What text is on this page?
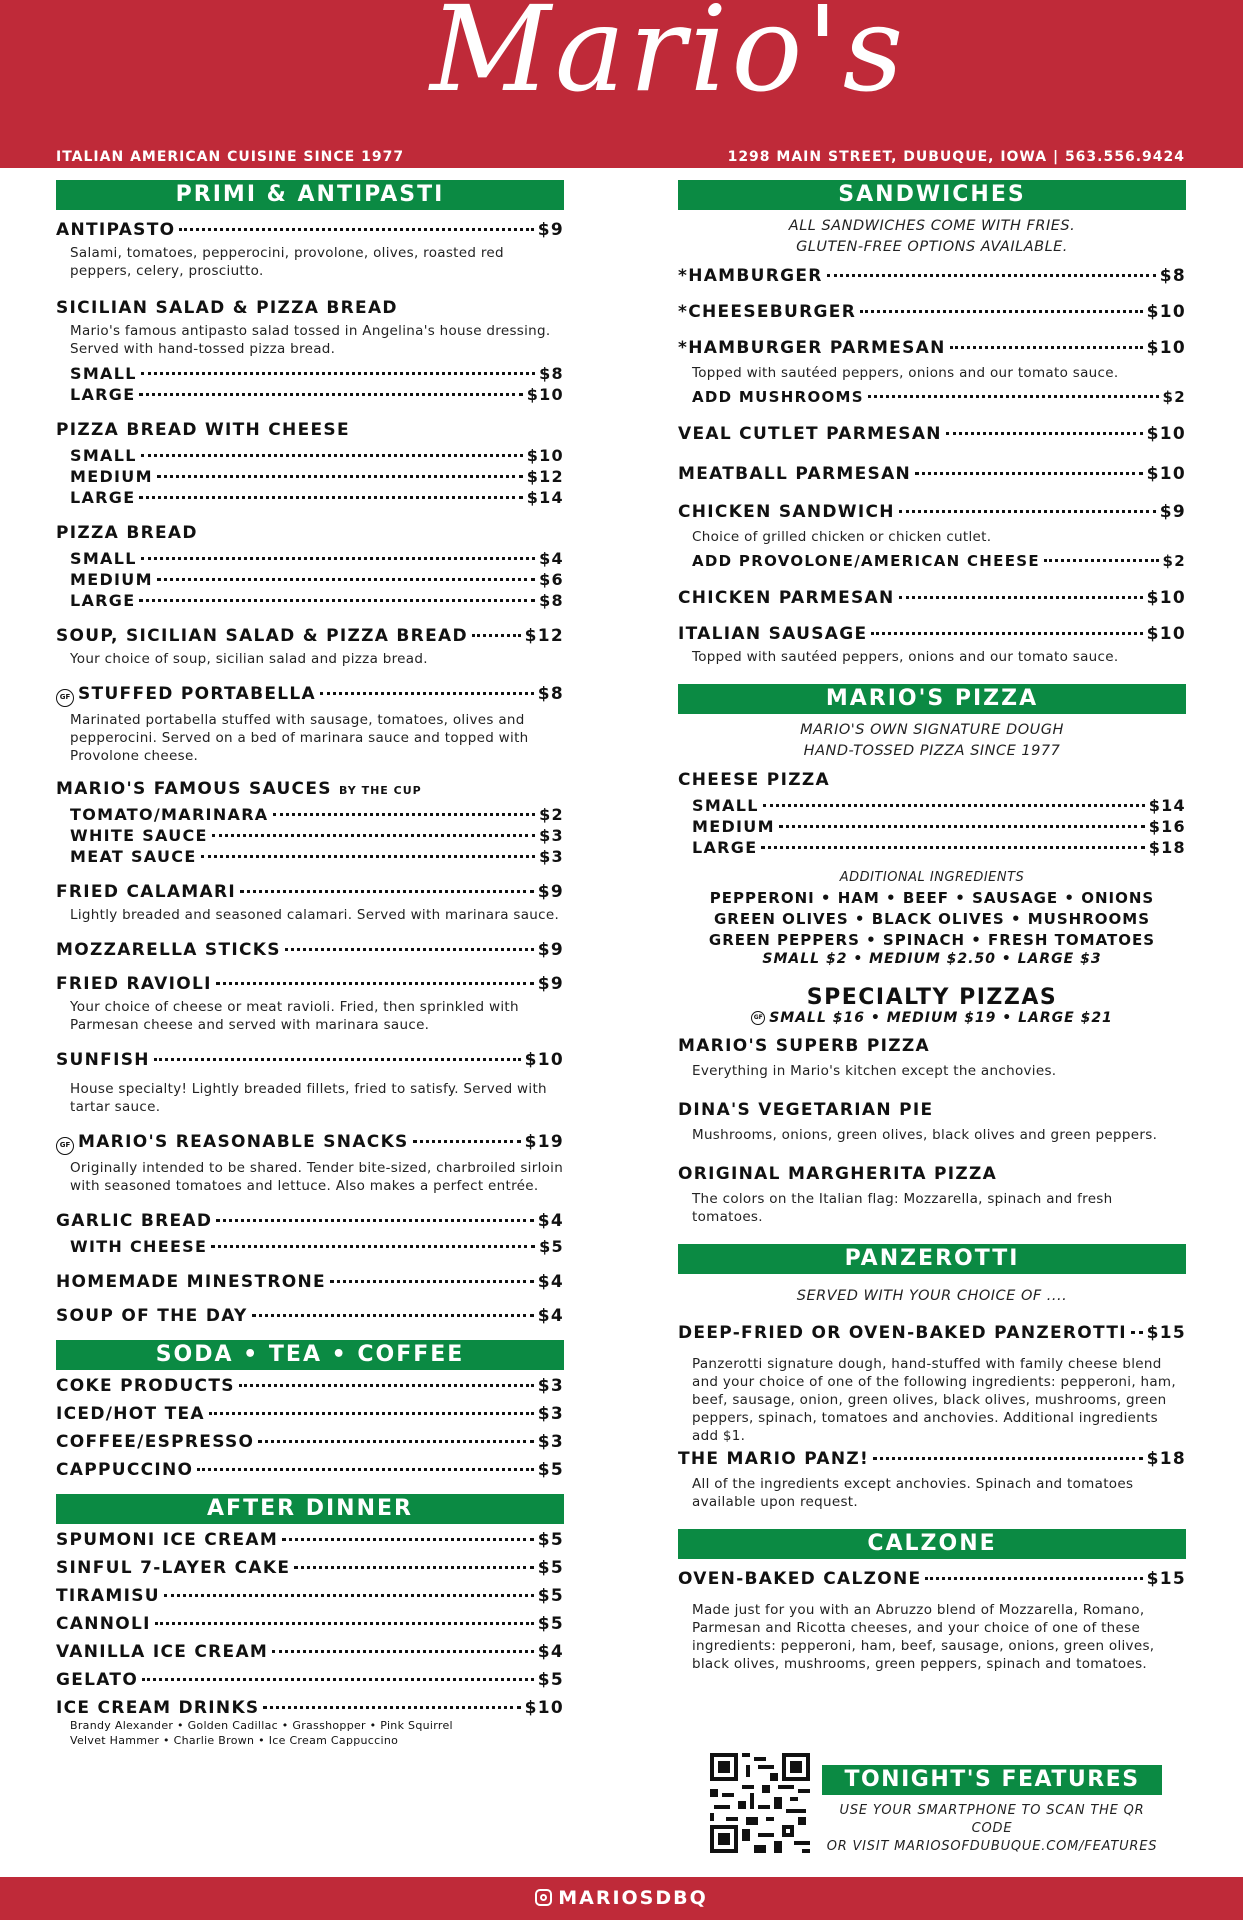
Mario's
ITALIAN AMERICAN CUISINE SINCE 1977	1298 MAIN STREET, DUBUQUE, IOWA | 563.556.9424
PRIMI & ANTIPASTI
ANTIPASTO	$9
Salami, tomatoes, pepperocini, provolone, olives, roasted red peppers, celery, prosciutto.
SICILIAN SALAD & PIZZA BREAD
Mario's famous antipasto salad tossed in Angelina's house dressing. Served with hand-tossed pizza bread.
SMALL	$8
LARGE	$10
PIZZA BREAD WITH CHEESE
SMALL	$10
MEDIUM	$12
LARGE	$14
PIZZA BREAD
SMALL	$4
MEDIUM	$6
LARGE	$8
SOUP, SICILIAN SALAD & PIZZA BREAD	$12
Your choice of soup, sicilian salad and pizza bread.
GF STUFFED PORTABELLA	$8
Marinated portabella stuffed with sausage, tomatoes, olives and pepperocini. Served on a bed of marinara sauce and topped with Provolone cheese.
MARIO'S FAMOUS SAUCES BY THE CUP
TOMATO/MARINARA	$2
WHITE SAUCE	$3
MEAT SAUCE	$3
FRIED CALAMARI	$9
Lightly breaded and seasoned calamari. Served with marinara sauce.
MOZZARELLA STICKS	$9
FRIED RAVIOLI	$9
Your choice of cheese or meat ravioli. Fried, then sprinkled with Parmesan cheese and served with marinara sauce.
SUNFISH	$10
House specialty! Lightly breaded fillets, fried to satisfy. Served with tartar sauce.
GF MARIO'S REASONABLE SNACKS	$19
Originally intended to be shared. Tender bite-sized, charbroiled sirloin with seasoned tomatoes and lettuce. Also makes a perfect entrée.
GARLIC BREAD	$4
WITH CHEESE	$5
HOMEMADE MINESTRONE	$4
SOUP OF THE DAY	$4
SODA • TEA • COFFEE
COKE PRODUCTS	$3
ICED/HOT TEA	$3
COFFEE/ESPRESSO	$3
CAPPUCCINO	$5
AFTER DINNER
SPUMONI ICE CREAM	$5
SINFUL 7-LAYER CAKE	$5
TIRAMISU	$5
CANNOLI	$5
VANILLA ICE CREAM	$4
GELATO	$5
ICE CREAM DRINKS	$10
Brandy Alexander • Golden Cadillac • Grasshopper • Pink Squirrel
Velvet Hammer • Charlie Brown • Ice Cream Cappuccino
SANDWICHES
ALL SANDWICHES COME WITH FRIES.
GLUTEN-FREE OPTIONS AVAILABLE.
*HAMBURGER	$8
*CHEESEBURGER	$10
*HAMBURGER PARMESAN	$10
Topped with sautéed peppers, onions and our tomato sauce.
ADD MUSHROOMS	$2
VEAL CUTLET PARMESAN	$10
MEATBALL PARMESAN	$10
CHICKEN SANDWICH	$9
Choice of grilled chicken or chicken cutlet.
ADD PROVOLONE/AMERICAN CHEESE	$2
CHICKEN PARMESAN	$10
ITALIAN SAUSAGE	$10
Topped with sautéed peppers, onions and our tomato sauce.
MARIO'S PIZZA
MARIO'S OWN SIGNATURE DOUGH
HAND-TOSSED PIZZA SINCE 1977
CHEESE PIZZA
SMALL	$14
MEDIUM	$16
LARGE	$18
ADDITIONAL INGREDIENTS
PEPPERONI • HAM • BEEF • SAUSAGE • ONIONS
GREEN OLIVES • BLACK OLIVES • MUSHROOMS
GREEN PEPPERS • SPINACH • FRESH TOMATOES
SMALL $2 • MEDIUM $2.50 • LARGE $3
SPECIALTY PIZZAS
GF SMALL $16 • MEDIUM $19 • LARGE $21
MARIO'S SUPERB PIZZA
Everything in Mario's kitchen except the anchovies.
DINA'S VEGETARIAN PIE
Mushrooms, onions, green olives, black olives and green peppers.
ORIGINAL MARGHERITA PIZZA
The colors on the Italian flag: Mozzarella, spinach and fresh tomatoes.
PANZEROTTI
SERVED WITH YOUR CHOICE OF ....
DEEP-FRIED OR OVEN-BAKED PANZEROTTI $15
Panzerotti signature dough, hand-stuffed with family cheese blend and your choice of one of the following ingredients: pepperoni, ham, beef, sausage, onion, green olives, black olives, mushrooms, green peppers, spinach, tomatoes and anchovies. Additional ingredients add $1.
THE MARIO PANZ!	$18
All of the ingredients except anchovies. Spinach and tomatoes available upon request.
CALZONE
OVEN-BAKED CALZONE	$15
Made just for you with an Abruzzo blend of Mozzarella, Romano, Parmesan and Ricotta cheeses, and your choice of one of these ingredients: pepperoni, ham, beef, sausage, onions, green olives, black olives, mushrooms, green peppers, spinach and tomatoes.
TONIGHT'S FEATURES
USE YOUR SMARTPHONE TO SCAN THE QR CODE
OR VISIT MARIOSOFDUBUQUE.COM/FEATURES
MARIOSDBQ
